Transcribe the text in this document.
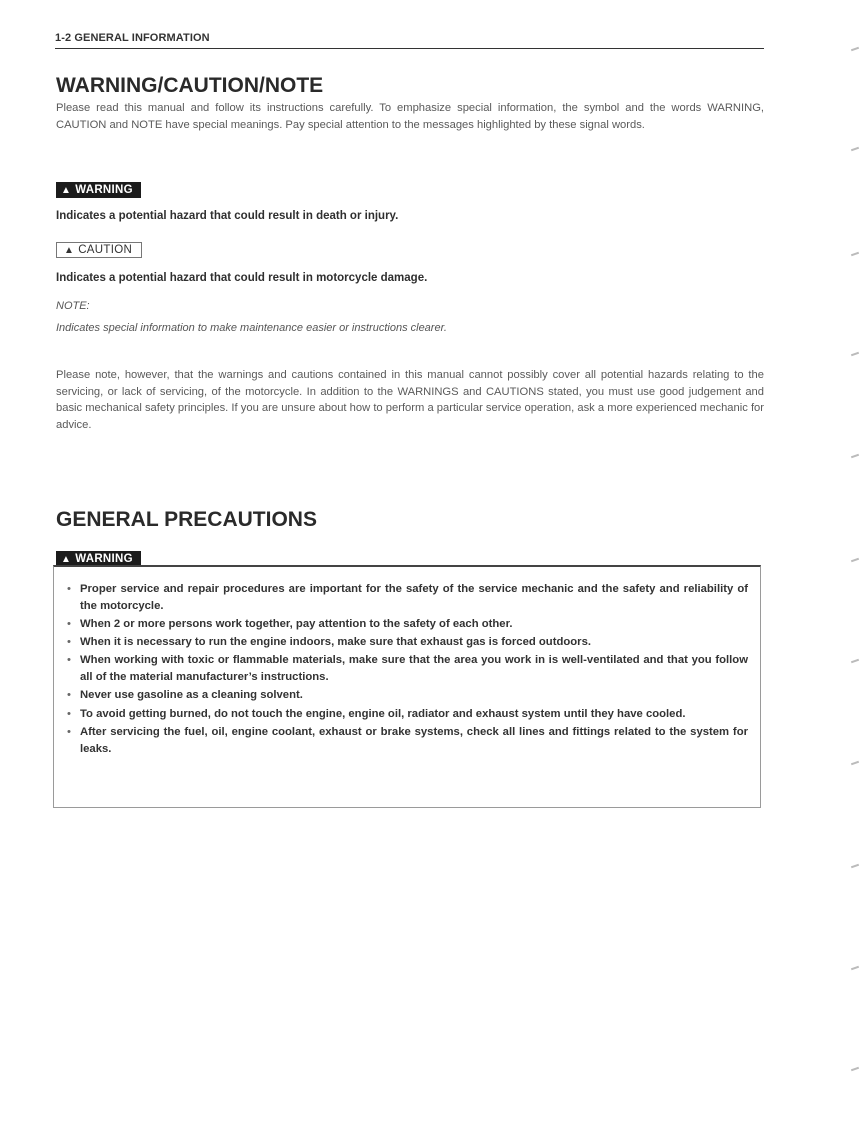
1-2 GENERAL INFORMATION
WARNING/CAUTION/NOTE

Please read this manual and follow its instructions carefully. To emphasize special information, the symbol and the words WARNING, CAUTION and NOTE have special meanings. Pay special attention to the messages highlighted by these signal words.

▲ WARNING

Indicates a potential hazard that could result in death or injury.

▲ CAUTION

Indicates a potential hazard that could result in motorcycle damage.

NOTE:
Indicates special information to make maintenance easier or instructions clearer.

Please note, however, that the warnings and cautions contained in this manual cannot possibly cover all potential hazards relating to the servicing, or lack of servicing, of the motorcycle. In addition to the WARNINGS and CAUTIONS stated, you must use good judgement and basic mechanical safety principles. If you are unsure about how to perform a particular service operation, ask a more experienced mechanic for advice.

GENERAL PRECAUTIONS
▲ WARNING
• Proper service and repair procedures are important for the safety of the service mechanic and the safety and reliability of the motorcycle.
• When 2 or more persons work together, pay attention to the safety of each other.
• When it is necessary to run the engine indoors, make sure that exhaust gas is forced outdoors.
• When working with toxic or flammable materials, make sure that the area you work in is well-ventilated and that you follow all of the material manufacturer’s instructions.
• Never use gasoline as a cleaning solvent.
• To avoid getting burned, do not touch the engine, engine oil, radiator and exhaust system until they have cooled.
• After servicing the fuel, oil, engine coolant, exhaust or brake systems, check all lines and fittings related to the system for leaks.
